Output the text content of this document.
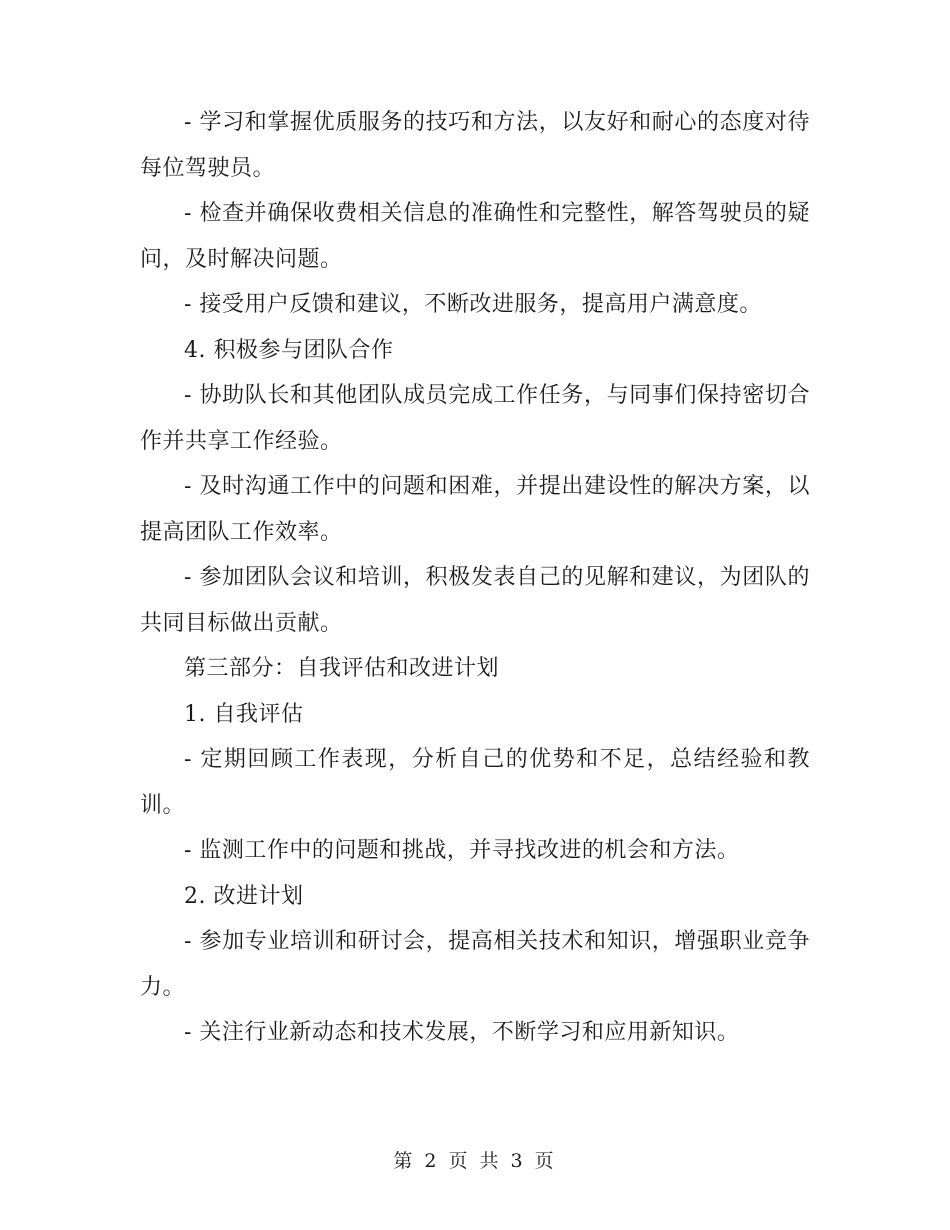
- 学习和掌握优质服务的技巧和方法，以友好和耐心的态度对待每位驾驶员。

- 检查并确保收费相关信息的准确性和完整性，解答驾驶员的疑问，及时解决问题。

- 接受用户反馈和建议，不断改进服务，提高用户满意度。

4. 积极参与团队合作

- 协助队长和其他团队成员完成工作任务，与同事们保持密切合作并共享工作经验。

- 及时沟通工作中的问题和困难，并提出建设性的解决方案，以提高团队工作效率。

- 参加团队会议和培训，积极发表自己的见解和建议，为团队的共同目标做出贡献。

第三部分：自我评估和改进计划

1. 自我评估

- 定期回顾工作表现，分析自己的优势和不足，总结经验和教训。

- 监测工作中的问题和挑战，并寻找改进的机会和方法。

2. 改进计划

- 参加专业培训和研讨会，提高相关技术和知识，增强职业竞争力。

- 关注行业新动态和技术发展，不断学习和应用新知识。

第 2 页 共 3 页
